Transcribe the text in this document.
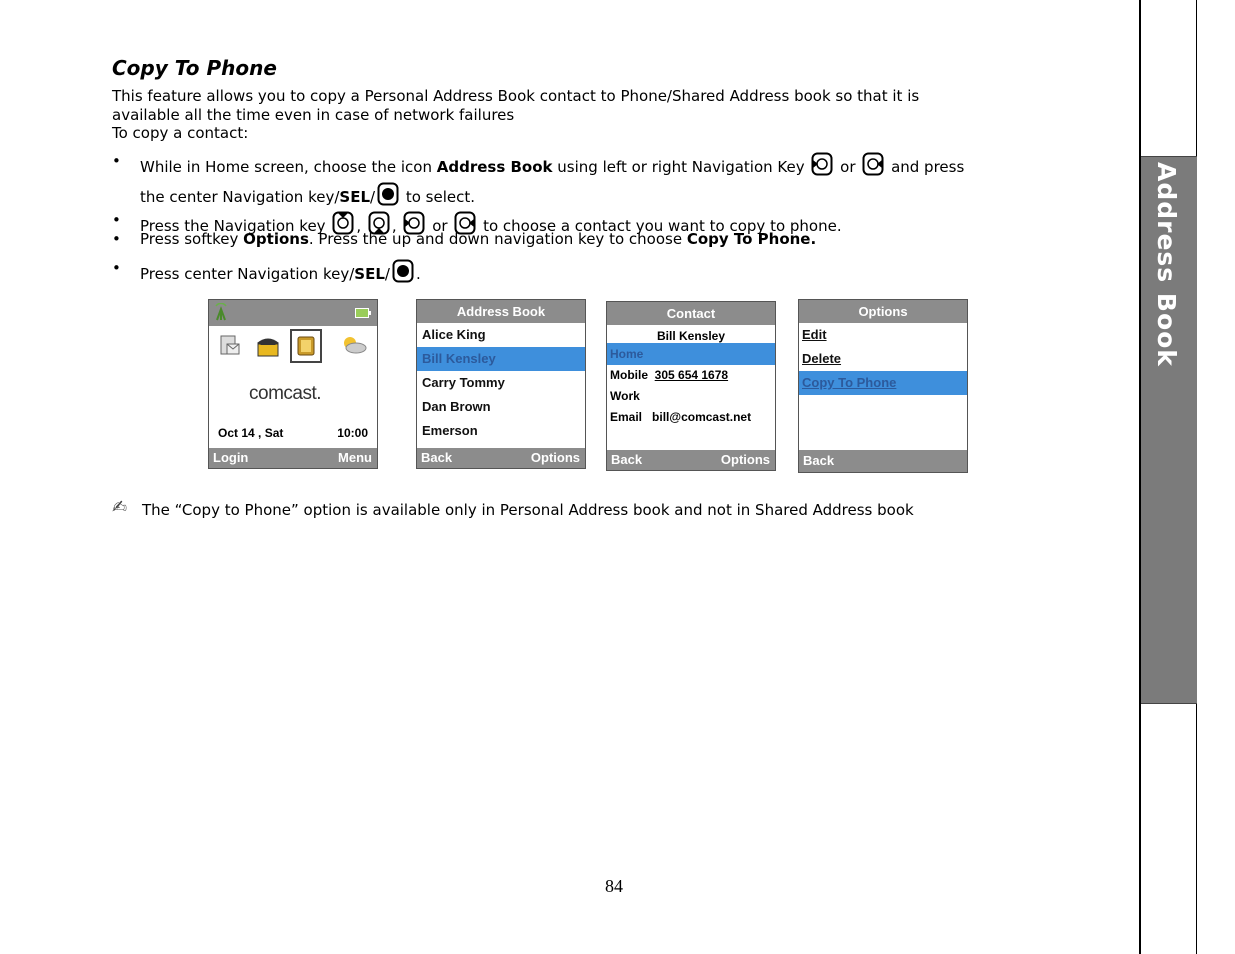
Copy To Phone
This feature allows you to copy a Personal Address Book contact to Phone/Shared Address book so that it is
available all the time even in case of network failures
To copy a contact:
•	While in Home screen, choose the icon Address Book using left or right Navigation Key
or
and press
the center Navigation key/SEL/
to select.
•	Press the Navigation key
,
,
or
to choose a contact you want to copy to phone.
•	Press softkey Options. Press the up and down navigation key to choose Copy To Phone.
•	Press center Navigation key/SEL/ .
comcast.
Oct 14 , Sat	10:00
Login	Menu
Address Book
Alice King
Bill Kensley
Carry Tommy
Dan Brown
Emerson
Back	Options
Contact
Bill Kensley
Home
Mobile 305 654 1678
Work
Email bill@comcast.net
Back	Options
Options
Edit
Delete
Copy To Phone
Back
✍ The “Copy to Phone” option is available only in Personal Address book and not in Shared Address book
84
Address Book
